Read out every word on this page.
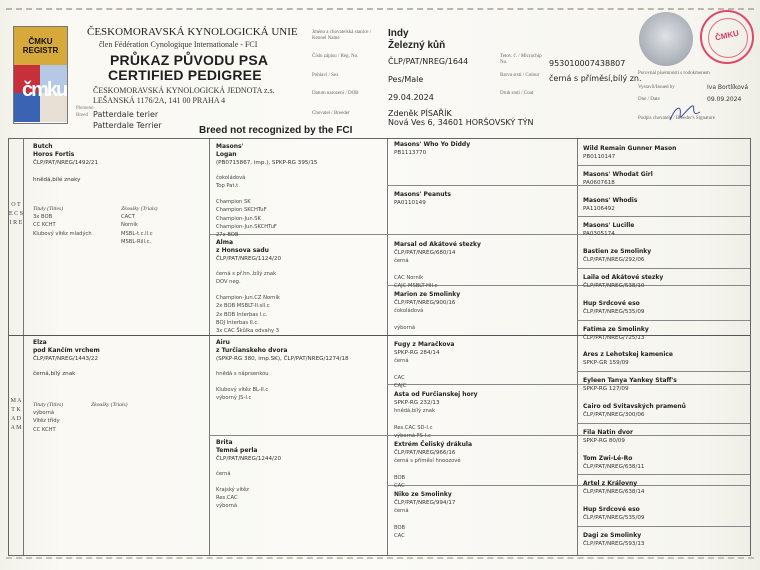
ČMKU
REGISTR
čmku
ČESKOMORAVSKÁ KYNOLOGICKÁ UNIE
člen Fédération Cynologique Internationale - FCI
PRŮKAZ PŮVODU PSA
CERTIFIED PEDIGREE
ČESKOMORAVSKÁ KYNOLOGICKÁ JEDNOTA z.s.
LEŠANSKÁ 1176/2A, 141 00 PRAHA 4
Plemeno
Breed Patterdale terier
Patterdale Terrier	Breed not recognized by the FCI
Jméno a chovatelská stanice / Kennel Name
Číslo zápisu / Reg. No.
Pohlaví / Sex
Datum narození / DOB
Chovatel / Breeder
Tetov. č. / Microchip No.
Barva srsti / Colour
Druh srsti / Coat
Indy
Železný kůň
ČLP/PAT/NREG/1644	953010007438807
Pes/Male	černá s příměsí,bílý zn.
29.04.2024
Zdeněk PÍSAŘÍK
Nová Ves 6, 34601 HORŠOVSKÝ TÝN
ČMKU
Porovnal písemnosti s rodokmenem
Vystavil/Issued by	Iva Bortlíková
Dne / Date	09.09.2024
Podpis chovatele / Breeder's Signature
O T E C S I R E
M A T K A D A M
Butch
Horos Fortis
ČLP/PAT/NREG/1492/21
hnědá,bílé znaky
Tituly (Titles)
3x BOB
CC KCHT
Klubový vítěz mladých
Zkoušky (Trials)
CACT
Norník
MSBL-t.c.ll.c
MSBL-Rill.c.
Elza
pod Kančím vrchem
ČLP/PAT/NREG/1443/22
černá,bílý znak
Tituly (Titles)
výborná
Vítěz třídy
CC KCHT
Zkoušky (Trials)
Masons'
Logan
(PB0715867, imp.), SPKP-RG 395/15
čokoládová
Top Pat.t.

Champion SK
Champion SKCHTuF
Champion-Jun.SK
Champion-Jun.SKCHTuF
27x BOB
Alma
z Honsova sadu
ČLP/PAT/NREG/1124/20
černá s př.hn.,bílý znak
DOV neg.

Champion-Jun.CZ Norník
2x BOB MSBLT-II.sll.c
2x BOB Interbas I.c.
BOJ Interbas II.c.
3x CAC Škůlka odvahy 3
Airu
z Turčianskeho dvora
(SPKP-RG 380, imp.SK), ČLP/PAT/NREG/1274/18
hnědá s náprsenkou

Klubový vítěz BL-II.c
výborný JS-I.c
Brita
Temná perla
ČLP/PAT/NREG/1244/20
černá

Krajský vítěz
Res.CAC
výborná
Masons' Who Yo Diddy
PB1113770
Masons' Peanuts
PA0110149
Marsal od Akátové stezky
ČLP/PAT/NREG/680/14
černá

CAC Norník
CAJC MSBLT-HII.c
Marion ze Smolinky
ČLP/PAT/NREG/900/16
čokoládová

výborná
Fugy z Maračkova
SPKP-RG 284/14
černá

CAC
CAJC
Asta od Furčianskej hory
SPKP-RG 232/13
hnědá,bílý znak

Res.CAC SD-I.c
výborná FS-I.c
Extrém Čeliský drákula
ČLP/PAT/NREG/966/16
černá s příměsí hnoozové

BOB
CAC
Niko ze Smolinky
ČLP/PAT/NREG/994/17
černá

BOB
CAC
Wild Remain Gunner Mason
PB0110147
Masons' Whodat Girl
PA0607618
Masons' Whodis
PA1106492
Masons' Lucille
PA0305174
Bastien ze Smolinky
ČLP/PAT/NREG/292/06
Laila od Akátové stezky
ČLP/PAT/NREG/538/10
Hup Srdcové eso
ČLP/PAT/NREG/535/09
Fatima ze Smolinky
ČLP/PAT/NREG/725/13
Ares z Lehotskej kamenice
SPKP-GR 159/09
Eyleen Tanya Yankey Staff's
SPKP-RG 127/09
Cairo od Svitavských pramenů
ČLP/PAT/NREG/300/06
Fila Natin dvor
SPKP-RG 80/09
Tom Zwi-Lé-Ro
ČLP/PAT/NREG/638/11
Artel z Královny
ČLP/PAT/NREG/638/14
Hup Srdcové eso
ČLP/PAT/NREG/535/09
Dagi ze Smolinky
ČLP/PAT/NREG/593/13
